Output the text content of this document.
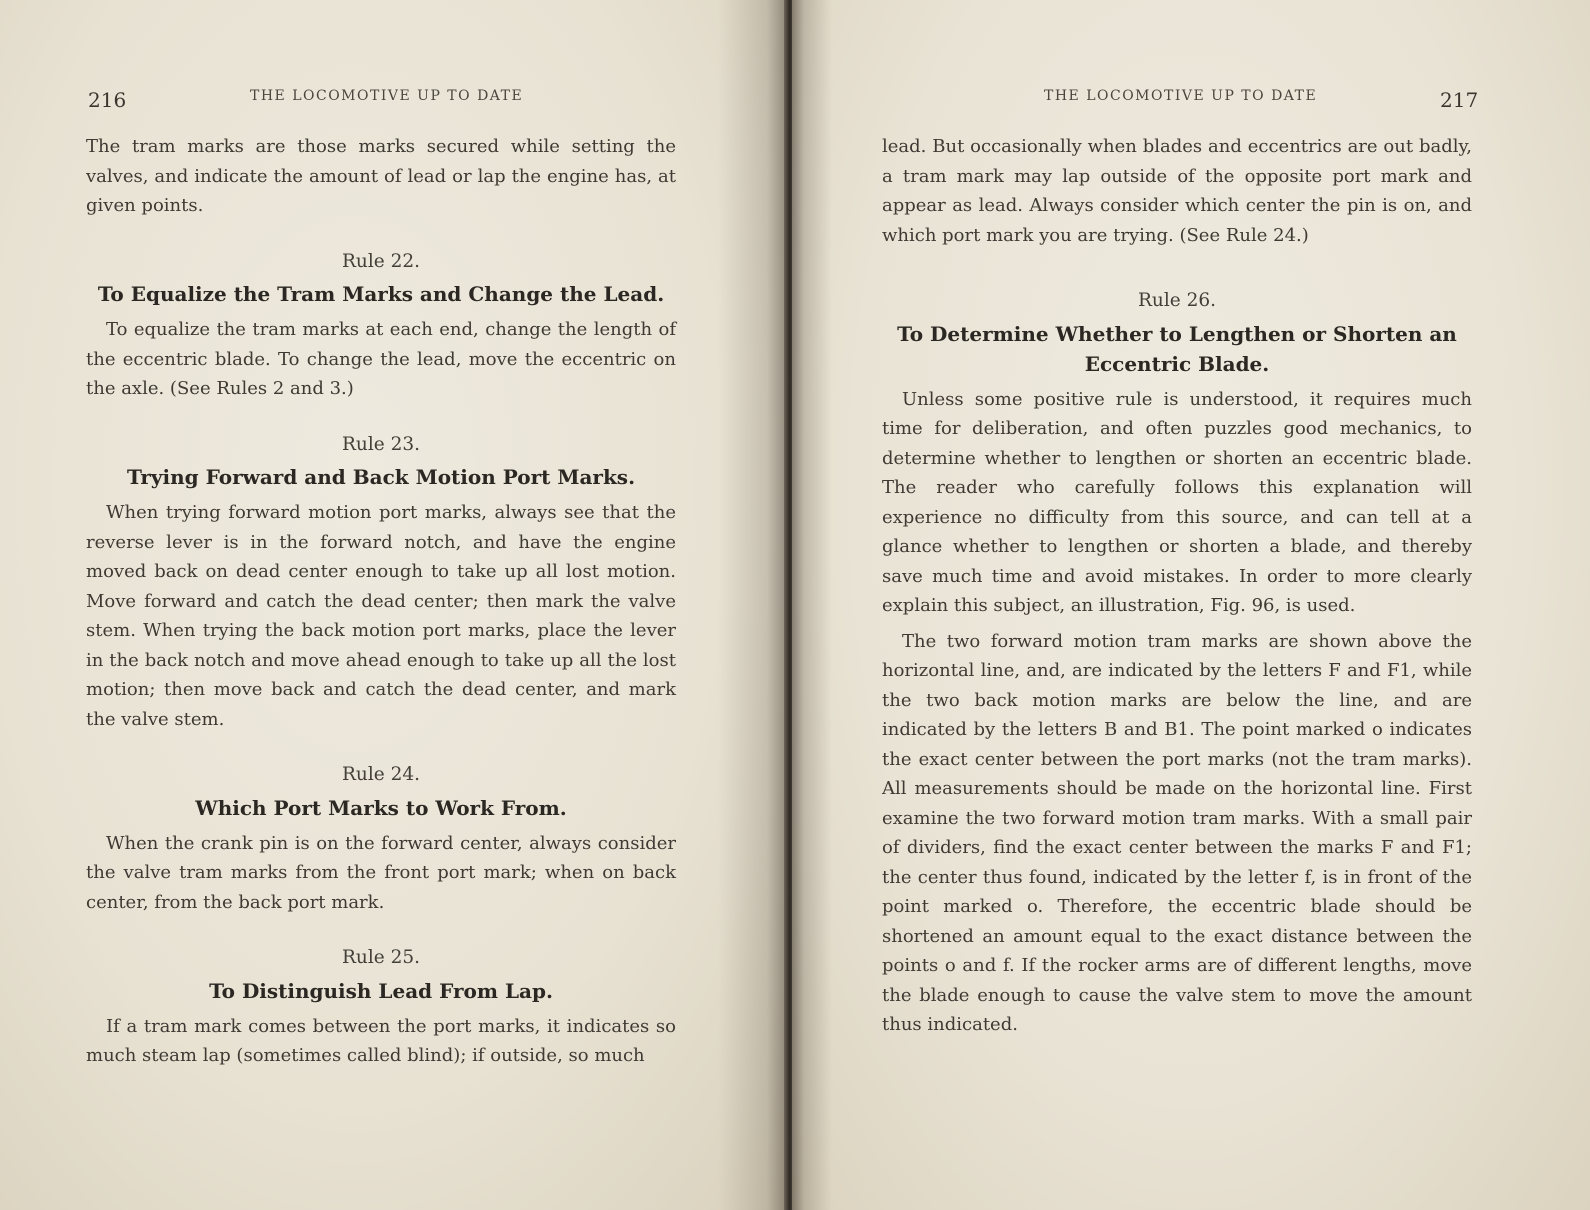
216	THE LOCOMOTIVE UP TO DATE

The tram marks are those marks secured while setting the valves, and indicate the amount of lead or lap the engine has, at given points.

Rule 22.
To Equalize the Tram Marks and Change the Lead.

To equalize the tram marks at each end, change the length of the eccentric blade. To change the lead, move the eccentric on the axle. (See Rules 2 and 3.)

Rule 23.
Trying Forward and Back Motion Port Marks.

When trying forward motion port marks, always see that the reverse lever is in the forward notch, and have the engine moved back on dead center enough to take up all lost motion. Move forward and catch the dead center; then mark the valve stem. When trying the back motion port marks, place the lever in the back notch and move ahead enough to take up all the lost motion; then move back and catch the dead center, and mark the valve stem.

Rule 24.
Which Port Marks to Work From.

When the crank pin is on the forward center, always consider the valve tram marks from the front port mark; when on back center, from the back port mark.

Rule 25.
To Distinguish Lead From Lap.

If a tram mark comes between the port marks, it indicates so much steam lap (sometimes called blind); if outside, so much

THE LOCOMOTIVE UP TO DATE	217

lead. But occasionally when blades and eccentrics are out badly, a tram mark may lap outside of the opposite port mark and appear as lead. Always consider which center the pin is on, and which port mark you are trying. (See Rule 24.)

Rule 26.
To Determine Whether to Lengthen or Shorten an Eccentric Blade.

Unless some positive rule is understood, it requires much time for deliberation, and often puzzles good mechanics, to determine whether to lengthen or shorten an eccentric blade. The reader who carefully follows this explanation will experience no difficulty from this source, and can tell at a glance whether to lengthen or shorten a blade, and thereby save much time and avoid mistakes. In order to more clearly explain this subject, an illustration, Fig. 96, is used.

The two forward motion tram marks are shown above the horizontal line, and, are indicated by the letters F and F1, while the two back motion marks are below the line, and are indicated by the letters B and B1. The point marked o indicates the exact center between the port marks (not the tram marks). All measurements should be made on the horizontal line. First examine the two forward motion tram marks. With a small pair of dividers, find the exact center between the marks F and F1; the center thus found, indicated by the letter f, is in front of the point marked o. Therefore, the eccentric blade should be shortened an amount equal to the exact distance between the points o and f. If the rocker arms are of different lengths, move the blade enough to cause the valve stem to move the amount thus indicated.
